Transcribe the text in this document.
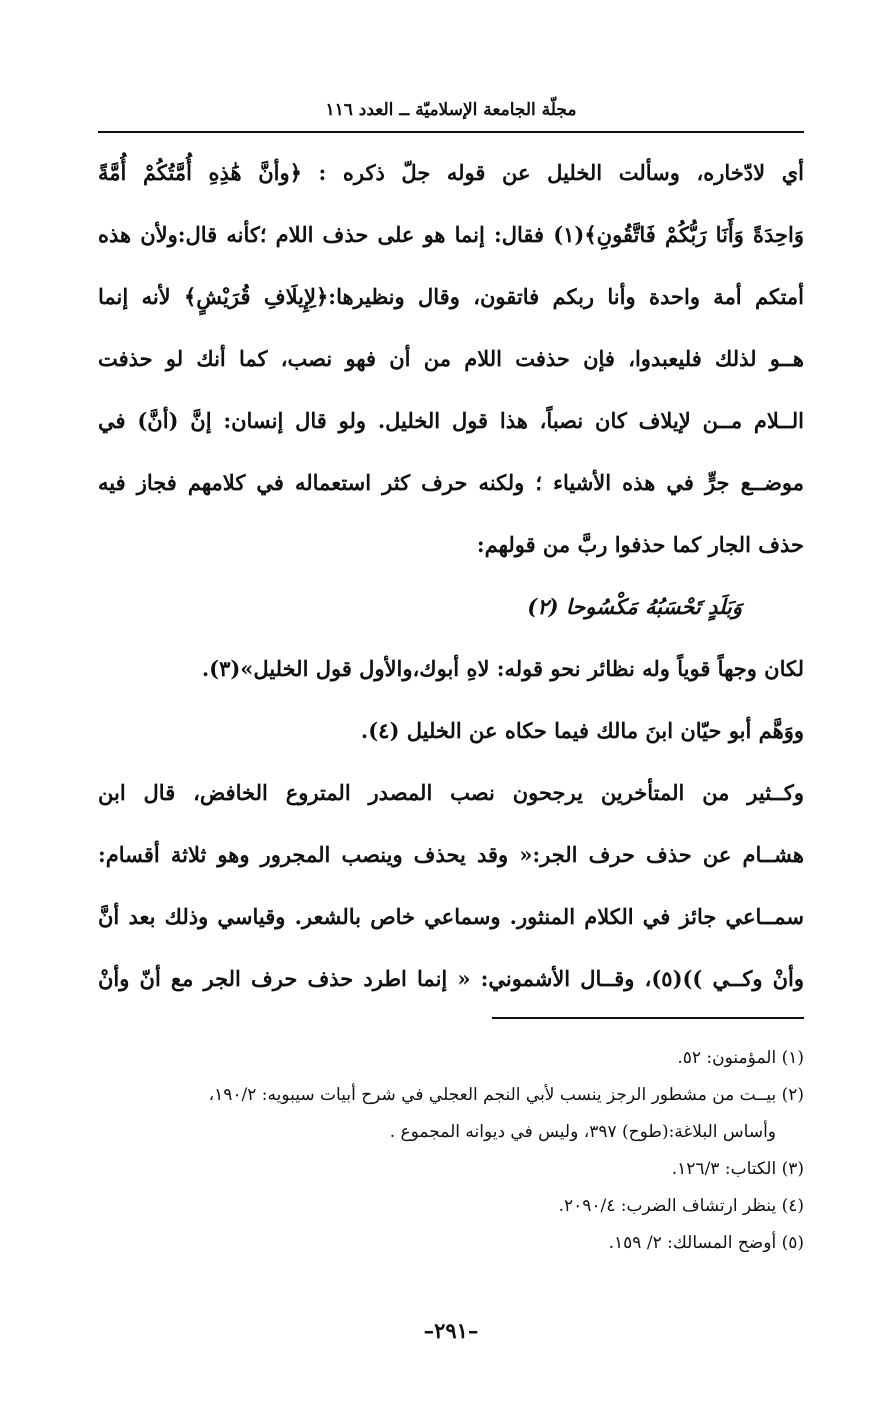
مجلّة الجامعة الإسلاميّة ــ العدد ١١٦
أي لادّخاره، وسألت الخليل عن قوله جلّ ذكره : ﴿وأنَّ هَٰذِهِ أُمَّتُكُمْ أُمَّةً
وَاحِدَةً وَأَنَا رَبُّكُمْ فَاتَّقُونِ﴾(١) فقال: إنما هو على حذف اللام ؛كأنه قال:ولأن هذه
أمتكم أمة واحدة وأنا ربكم فاتقون، وقال ونظيرها:﴿لِإِيلَافِ قُرَيْشٍ﴾ لأنه إنما
هــو لذلك فليعبدوا، فإن حذفت اللام من أن فهو نصب، كما أنك لو حذفت
الــلام مــن لإيلاف كان نصباً، هذا قول الخليل. ولو قال إنسان: إنَّ (أنَّ) في
موضــع جرٍّ في هذه الأشياء ؛ ولكنه حرف كثر استعماله في كلامهم فجاز فيه
حذف الجار كما حذفوا ربَّ من قولهم:
وَبَلَدٍ تَحْسَبُهُ مَكْسُوحا (٢)
لكان وجهاً قوياً وله نظائر نحو قوله: لاهِ أبوك،والأول قول الخليل»(٣).
ووَهَّم أبو حيّان ابنَ مالك فيما حكاه عن الخليل (٤).
وكــثير من المتأخرين يرجحون نصب المصدر المتروع الخافض، قال ابن
هشــام عن حذف حرف الجر:« وقد يحذف وينصب المجرور وهو ثلاثة أقسام:
سمــاعي جائز في الكلام المنثور. وسماعي خاص بالشعر. وقياسي وذلك بعد أنَّ
وأنْ وكــي ))(٥)، وقــال الأشموني: « إنما اطرد حذف حرف الجر مع أنّ وأنْ
(١) المؤمنون: ٥٢.
(٢) بيــت من مشطور الرجز ينسب لأبي النجم العجلي في شرح أبيات سيبويه: ١٩٠/٢،
وأساس البلاغة:(طوح) ٣٩٧، وليس في ديوانه المجموع .
(٣) الكتاب: ١٢٦/٣.
(٤) ينظر ارتشاف الضرب: ٢٠٩٠/٤.
(٥) أوضح المسالك: ٢/ ١٥٩.
–٢٩١–
